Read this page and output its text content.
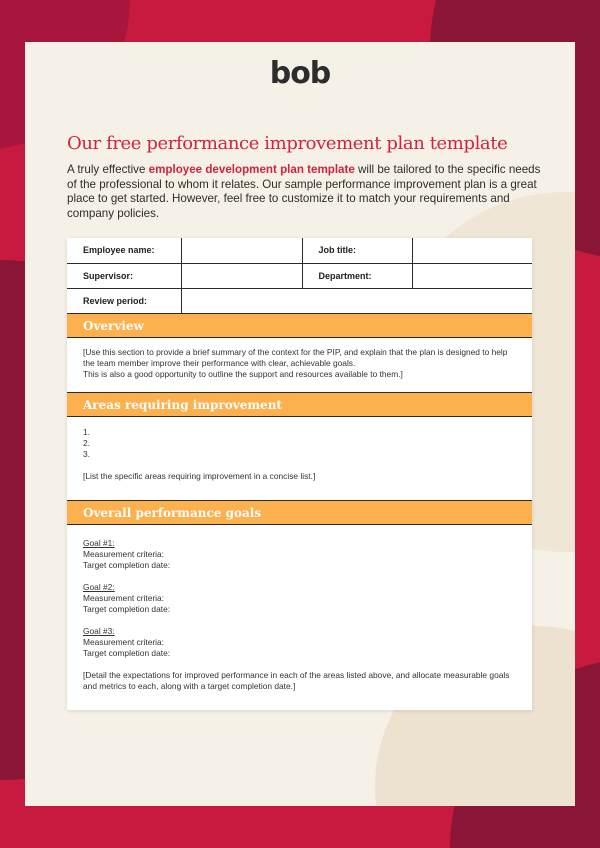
bob
Our free performance improvement plan template

A truly effective employee development plan template will be tailored to the specific needs of the professional to whom it relates. Our sample performance improvement plan is a great place to get started. However, feel free to customize it to match your requirements and company policies.

Employee name:		Job title:	
Supervisor:		Department:	
Review period:			
Overview

[Use this section to provide a brief summary of the context for the PIP, and explain that the plan is designed to help the team member improve their performance with clear, achievable goals.

This is also a good opportunity to outline the support and resources available to them.]

Areas requiring improvement

1.

2.

3.

[List the specific areas requiring improvement in a concise list.]

Overall performance goals

Goal #1:

Measurement criteria:

Target completion date:

Goal #2:

Measurement criteria:

Target completion date:

Goal #3:

Measurement criteria:

Target completion date:

[Detail the expectations for improved performance in each of the areas listed above, and allocate measurable goals and metrics to each, along with a target completion date.]
